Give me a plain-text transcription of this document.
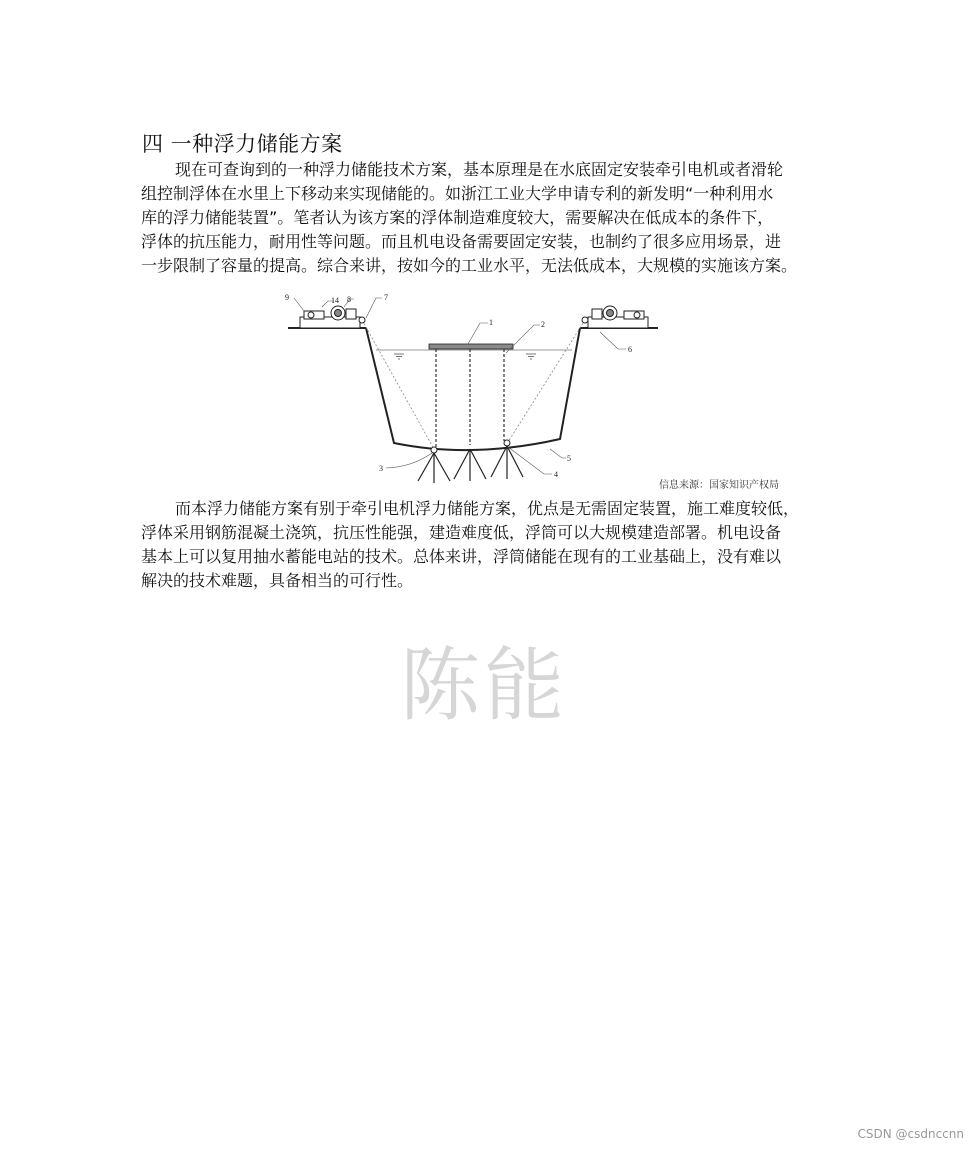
四 一种浮力储能方案
现在可查询到的一种浮力储能技术方案，基本原理是在水底固定安装牵引电机或者滑轮
组控制浮体在水里上下移动来实现储能的。如浙江工业大学申请专利的新发明“一种利用水
库的浮力储能装置”。笔者认为该方案的浮体制造难度较大，需要解决在低成本的条件下，
浮体的抗压能力，耐用性等问题。而且机电设备需要固定安装，也制约了很多应用场景，进
一步限制了容量的提高。综合来讲，按如今的工业水平，无法低成本，大规模的实施该方案。
1	2
3
4
5
6
7
8
9	14
信息来源：国家知识产权局
而本浮力储能方案有别于牵引电机浮力储能方案，优点是无需固定装置，施工难度较低，
浮体采用钢筋混凝土浇筑，抗压性能强，建造难度低，浮筒可以大规模建造部署。机电设备
基本上可以复用抽水蓄能电站的技术。总体来讲，浮筒储能在现有的工业基础上，没有难以
解决的技术难题，具备相当的可行性。
陈能
CSDN @csdnccnn
